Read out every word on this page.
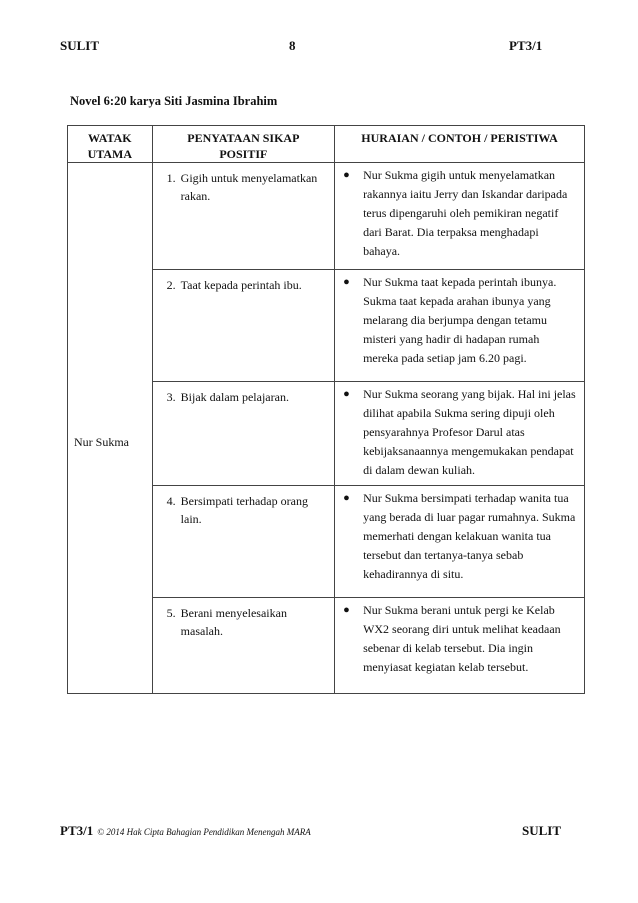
SULIT	8	PT3/1
Novel 6:20 karya Siti Jasmina Ibrahim
WATAK UTAMA	PENYATAAN SIKAP POSITIF	HURAIAN / CONTOH / PERISTIWA

Nur Sukma	1. Gigih untuk menyelamatkan rakan.	● Nur Sukma gigih untuk menyelamatkan rakannya iaitu Jerry dan Iskandar daripada terus dipengaruhi oleh pemikiran negatif dari Barat. Dia terpaksa menghadapi bahaya.

	2. Taat kepada perintah ibu.	● Nur Sukma taat kepada perintah ibunya. Sukma taat kepada arahan ibunya yang melarang dia berjumpa dengan tetamu misteri yang hadir di hadapan rumah mereka pada setiap jam 6.20 pagi.

	3. Bijak dalam pelajaran.	● Nur Sukma seorang yang bijak. Hal ini jelas dilihat apabila Sukma sering dipuji oleh pensyarahnya Profesor Darul atas kebijaksanaannya mengemukakan pendapat di dalam dewan kuliah.

	4. Bersimpati terhadap orang lain.	● Nur Sukma bersimpati terhadap wanita tua yang berada di luar pagar rumahnya. Sukma memerhati dengan kelakuan wanita tua tersebut dan tertanya-tanya sebab kehadirannya di situ.

	5. Berani menyelesaikan masalah.	● Nur Sukma berani untuk pergi ke Kelab WX2 seorang diri untuk melihat keadaan sebenar di kelab tersebut. Dia ingin menyiasat kegiatan kelab tersebut.
PT3/1 © 2014 Hak Cipta Bahagian Pendidikan Menengah MARA	SULIT
